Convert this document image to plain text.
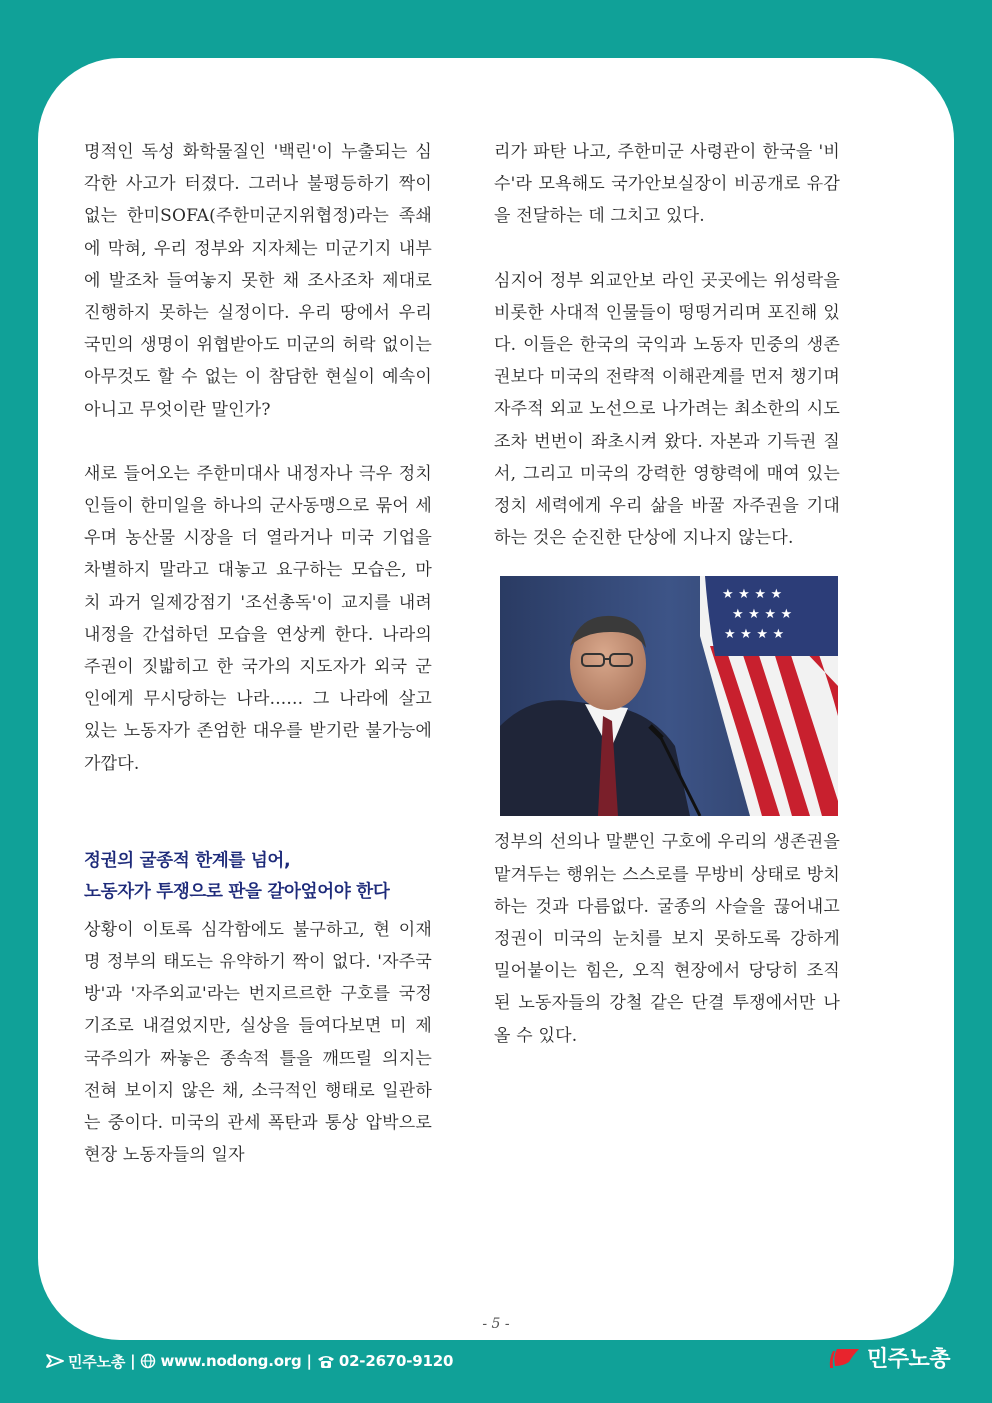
명적인 독성 화학물질인 '백린'이 누출되는 심각한 사고가 터졌다. 그러나 불평등하기 짝이 없는 한미SOFA(주한미군지위협정)라는 족쇄에 막혀, 우리 정부와 지자체는 미군기지 내부에 발조차 들여놓지 못한 채 조사조차 제대로 진행하지 못하는 실정이다. 우리 땅에서 우리 국민의 생명이 위협받아도 미군의 허락 없이는 아무것도 할 수 없는 이 참담한 현실이 예속이 아니고 무엇이란 말인가?

새로 들어오는 주한미대사 내정자나 극우 정치인들이 한미일을 하나의 군사동맹으로 묶어 세우며 농산물 시장을 더 열라거나 미국 기업을 차별하지 말라고 대놓고 요구하는 모습은, 마치 과거 일제강점기 '조선총독'이 교지를 내려 내정을 간섭하던 모습을 연상케 한다. 나라의 주권이 짓밟히고 한 국가의 지도자가 외국 군인에게 무시당하는 나라...... 그 나라에 살고 있는 노동자가 존엄한 대우를 받기란 불가능에 가깝다.

정권의 굴종적 한계를 넘어,
노동자가 투쟁으로 판을 갈아엎어야 한다

상황이 이토록 심각함에도 불구하고, 현 이재명 정부의 태도는 유약하기 짝이 없다. '자주국방'과 '자주외교'라는 번지르르한 구호를 국정 기조로 내걸었지만, 실상을 들여다보면 미 제국주의가 짜놓은 종속적 틀을 깨뜨릴 의지는 전혀 보이지 않은 채, 소극적인 행태로 일관하는 중이다. 미국의 관세 폭탄과 통상 압박으로 현장 노동자들의 일자

리가 파탄 나고, 주한미군 사령관이 한국을 '비수'라 모욕해도 국가안보실장이 비공개로 유감을 전달하는 데 그치고 있다.

심지어 정부 외교안보 라인 곳곳에는 위성락을 비롯한 사대적 인물들이 떵떵거리며 포진해 있다. 이들은 한국의 국익과 노동자 민중의 생존권보다 미국의 전략적 이해관계를 먼저 챙기며 자주적 외교 노선으로 나가려는 최소한의 시도조차 번번이 좌초시켜 왔다. 자본과 기득권 질서, 그리고 미국의 강력한 영향력에 매여 있는 정치 세력에게 우리 삶을 바꿀 자주권을 기대하는 것은 순진한 단상에 지나지 않는다.

★ ★ ★ ★
★ ★ ★ ★
★ ★ ★ ★

정부의 선의나 말뿐인 구호에 우리의 생존권을 맡겨두는 행위는 스스로를 무방비 상태로 방치하는 것과 다름없다. 굴종의 사슬을 끊어내고 정권이 미국의 눈치를 보지 못하도록 강하게 밀어붙이는 힘은, 오직 현장에서 당당히 조직된 노동자들의 강철 같은 단결 투쟁에서만 나올 수 있다.

- 5 -
민주노총 | www.nodong.org | 02-2670-9120	민주노총
